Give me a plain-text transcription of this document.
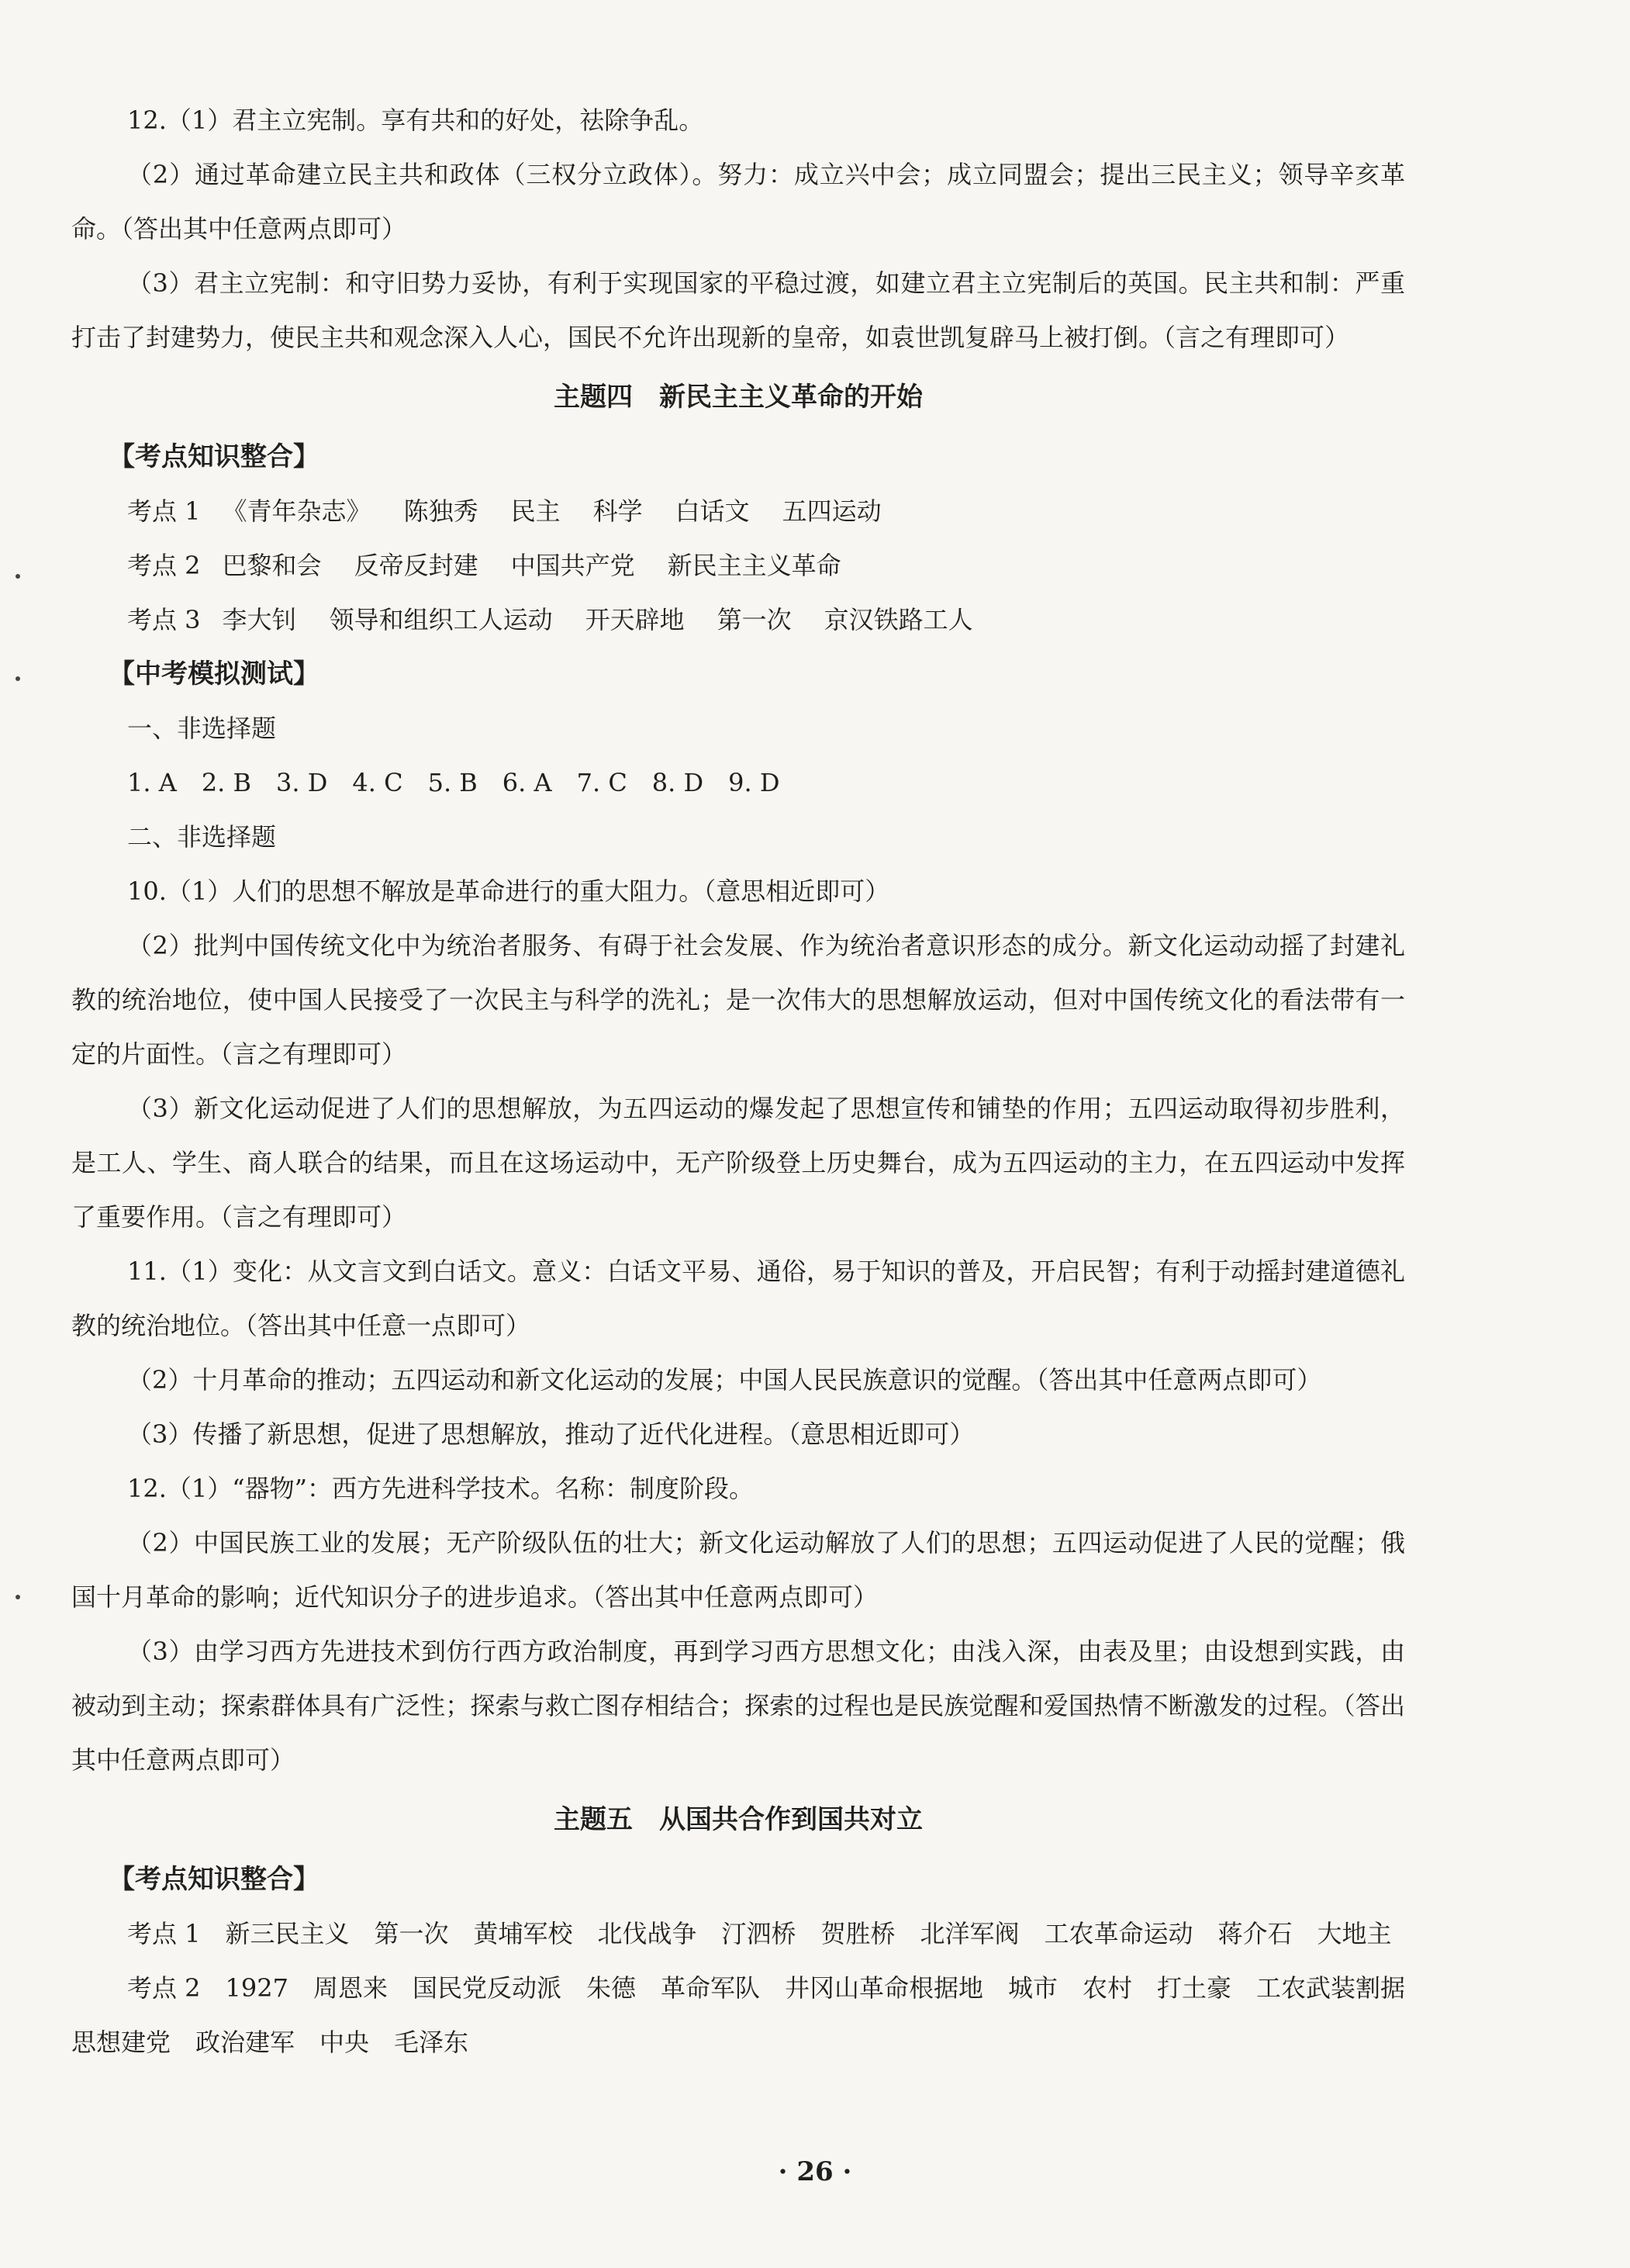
12.（1）君主立宪制。享有共和的好处，祛除争乱。

（2）通过革命建立民主共和政体（三权分立政体）。努力：成立兴中会；成立同盟会；提出三民主义；领导辛亥革命。（答出其中任意两点即可）

（3）君主立宪制：和守旧势力妥协，有利于实现国家的平稳过渡，如建立君主立宪制后的英国。民主共和制：严重打击了封建势力，使民主共和观念深入人心，国民不允许出现新的皇帝，如袁世凯复辟马上被打倒。（言之有理即可）

主题四　新民主主义革命的开始

【考点知识整合】

考点 1 《青年杂志》 陈独秀 民主 科学 白话文 五四运动

考点 2 巴黎和会 反帝反封建 中国共产党 新民主主义革命

考点 3 李大钊 领导和组织工人运动 开天辟地 第一次 京汉铁路工人

【中考模拟测试】

一、非选择题

1. A　2. B　3. D　4. C　5. B　6. A　7. C　8. D　9. D

二、非选择题

10.（1）人们的思想不解放是革命进行的重大阻力。（意思相近即可）

（2）批判中国传统文化中为统治者服务、有碍于社会发展、作为统治者意识形态的成分。新文化运动动摇了封建礼教的统治地位，使中国人民接受了一次民主与科学的洗礼；是一次伟大的思想解放运动，但对中国传统文化的看法带有一定的片面性。（言之有理即可）

（3）新文化运动促进了人们的思想解放，为五四运动的爆发起了思想宣传和铺垫的作用；五四运动取得初步胜利，是工人、学生、商人联合的结果，而且在这场运动中，无产阶级登上历史舞台，成为五四运动的主力，在五四运动中发挥了重要作用。（言之有理即可）

11.（1）变化：从文言文到白话文。意义：白话文平易、通俗，易于知识的普及，开启民智；有利于动摇封建道德礼教的统治地位。（答出其中任意一点即可）

（2）十月革命的推动；五四运动和新文化运动的发展；中国人民民族意识的觉醒。（答出其中任意两点即可）

（3）传播了新思想，促进了思想解放，推动了近代化进程。（意思相近即可）

12.（1）“器物”：西方先进科学技术。名称：制度阶段。

（2）中国民族工业的发展；无产阶级队伍的壮大；新文化运动解放了人们的思想；五四运动促进了人民的觉醒；俄国十月革命的影响；近代知识分子的进步追求。（答出其中任意两点即可）

（3）由学习西方先进技术到仿行西方政治制度，再到学习西方思想文化；由浅入深，由表及里；由设想到实践，由被动到主动；探索群体具有广泛性；探索与救亡图存相结合；探索的过程也是民族觉醒和爱国热情不断激发的过程。（答出其中任意两点即可）

主题五　从国共合作到国共对立

【考点知识整合】

考点 1　新三民主义　第一次　黄埔军校　北伐战争　汀泗桥　贺胜桥　北洋军阀　工农革命运动　蒋介石　大地主

考点 2　1927　周恩来　国民党反动派　朱德　革命军队　井冈山革命根据地　城市　农村　打土豪　工农武装割据　思想建党　政治建军　中央　毛泽东

· 26 ·
